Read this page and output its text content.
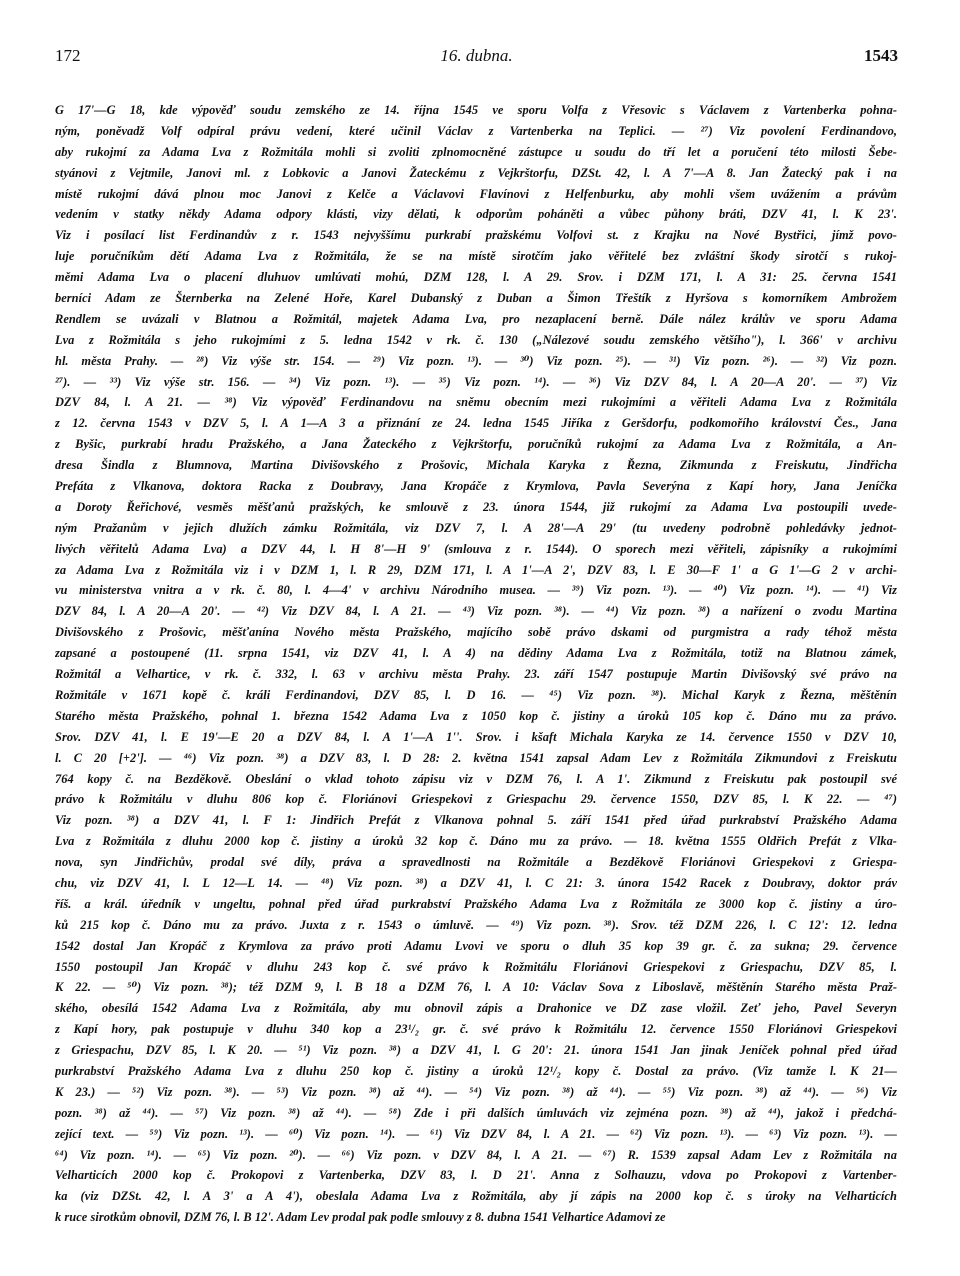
172	16. dubna.	1543
G 17'—G 18, kde výpověď soudu zemského ze 14. října 1545 ve sporu Volfa z Vřesovic s Václavem z Vartenberka pohna-
ným, poněvadž Volf odpíral právu vedení, které učinil Václav z Vartenberka na Teplici. — ²⁷) Viz povolení Ferdinandovo,
aby rukojmí za Adama Lva z Rožmitála mohli si zvoliti zplnomocněné zástupce u soudu do tří let a poručení této milosti Šebe-
styánovi z Vejtmile, Janovi ml. z Lobkovic a Janovi Žateckému z Vejkrštorfu, DZSt. 42, l. A 7'—A 8. Jan Žatecký pak i na
místě rukojmí dává plnou moc Janovi z Kelče a Václavovi Flavínovi z Helfenburku, aby mohli všem uvážením a právům
vedením v statky někdy Adama odpory klásti, vizy dělati, k odporům poháněti a vůbec půhony bráti, DZV 41, l. K 23'.
Viz i posílací list Ferdinandův z r. 1543 nejvyššímu purkrabí pražskému Volfovi st. z Krajku na Nové Bystřici, jímž povo-
luje poručníkům dětí Adama Lva z Rožmitála, že se na místě sirotčím jako věřitelé bez zvláštní škody sirotčí s rukoj-
měmi Adama Lva o placení dluhuov umlúvati mohú, DZM 128, l. A 29. Srov. i DZM 171, l. A 31: 25. června 1541
berníci Adam ze Šternberka na Zelené Hoře, Karel Dubanský z Duban a Šimon Třeštík z Hyršova s komorníkem Ambrožem
Rendlem se uvázali v Blatnou a Rožmitál, majetek Adama Lva, pro nezaplacení berně. Dále nález králův ve sporu Adama
Lva z Rožmitála s jeho rukojmími z 5. ledna 1542 v rk. č. 130 („Nálezové soudu zemského většího"), l. 366' v archivu
hl. města Prahy. — ²⁸) Viz výše str. 154. — ²⁹) Viz pozn. ¹³). — ³⁰) Viz pozn. ²⁵). — ³¹) Viz pozn. ²⁶). — ³²) Viz pozn.
²⁷). — ³³) Viz výše str. 156. — ³⁴) Viz pozn. ¹³). — ³⁵) Viz pozn. ¹⁴). — ³⁶) Viz DZV 84, l. A 20—A 20'. — ³⁷) Viz
DZV 84, l. A 21. — ³⁸) Viz výpověď Ferdinandovu na sněmu obecním mezi rukojmími a věřiteli Adama Lva z Rožmitála
z 12. června 1543 v DZV 5, l. A 1—A 3 a přiznání ze 24. ledna 1545 Jiříka z Geršdorfu, podkomořího království Čes., Jana
z Byšic, purkrabí hradu Pražského, a Jana Žateckého z Vejkrštorfu, poručníků rukojmí za Adama Lva z Rožmitála, a An-
dresa Šindla z Blumnova, Martina Divišovského z Prošovic, Michala Karyka z Řezna, Zikmunda z Freiskutu, Jindřicha
Prefáta z Vlkanova, doktora Racka z Doubravy, Jana Kropáče z Krymlova, Pavla Severýna z Kapí hory, Jana Jeníčka
a Doroty Řeřichové, vesměs měšťanů pražských, ke smlouvě z 23. února 1544, již rukojmí za Adama Lva postoupili uvede-
ným Pražanům v jejich dlužích zámku Rožmitála, viz DZV 7, l. A 28'—A 29' (tu uvedeny podrobně pohledávky jednot-
livých věřitelů Adama Lva) a DZV 44, l. H 8'—H 9' (smlouva z r. 1544). O sporech mezi věřiteli, zápisníky a rukojmími
za Adama Lva z Rožmitála viz i v DZM 1, l. R 29, DZM 171, l. A 1'—A 2', DZV 83, l. E 30—F 1' a G 1'—G 2 v archi-
vu ministerstva vnitra a v rk. č. 80, l. 4—4' v archivu Národního musea. — ³⁹) Viz pozn. ¹³). — ⁴⁰) Viz pozn. ¹⁴). — ⁴¹) Viz
DZV 84, l. A 20—A 20'. — ⁴²) Viz DZV 84, l. A 21. — ⁴³) Viz pozn. ³⁸). — ⁴⁴) Viz pozn. ³⁸) a nařízení o zvodu Martina
Divišovského z Prošovic, měšťanína Nového města Pražského, majícího sobě právo dskami od purgmistra a rady téhož města
zapsané a postoupené (11. srpna 1541, viz DZV 41, l. A 4) na dědiny Adama Lva z Rožmitála, totiž na Blatnou zámek,
Rožmitál a Velhartice, v rk. č. 332, l. 63 v archivu města Prahy. 23. září 1547 postupuje Martin Divišovský své právo na
Rožmitále v 1671 kopě č. králi Ferdinandovi, DZV 85, l. D 16. — ⁴⁵) Viz pozn. ³⁸). Michal Karyk z Řezna, měštěnín
Starého města Pražského, pohnal 1. března 1542 Adama Lva z 1050 kop č. jistiny a úroků 105 kop č. Dáno mu za právo.
Srov. DZV 41, l. E 19'—E 20 a DZV 84, l. A 1'—A 1''. Srov. i kšaft Michala Karyka ze 14. července 1550 v DZV 10,
l. C 20 [+2']. — ⁴⁶) Viz pozn. ³⁸) a DZV 83, l. D 28: 2. května 1541 zapsal Adam Lev z Rožmitála Zikmundovi z Freiskutu
764 kopy č. na Bezděkově. Obeslání o vklad tohoto zápisu viz v DZM 76, l. A 1'. Zikmund z Freiskutu pak postoupil své
právo k Rožmitálu v dluhu 806 kop č. Floriánovi Griespekovi z Griespachu 29. července 1550, DZV 85, l. K 22. — ⁴⁷)
Viz pozn. ³⁸) a DZV 41, l. F 1: Jindřich Prefát z Vlkanova pohnal 5. září 1541 před úřad purkrabství Pražského Adama
Lva z Rožmitála z dluhu 2000 kop č. jistiny a úroků 32 kop č. Dáno mu za právo. — 18. května 1555 Oldřich Prefát z Vlka-
nova, syn Jindřichův, prodal své díly, práva a spravedlnosti na Rožmitále a Bezděkově Floriánovi Griespekovi z Griespa-
chu, viz DZV 41, l. L 12—L 14. — ⁴⁸) Viz pozn. ³⁸) a DZV 41, l. C 21: 3. února 1542 Racek z Doubravy, doktor práv
říš. a král. úředník v ungeltu, pohnal před úřad purkrabství Pražského Adama Lva z Rožmitála ze 3000 kop č. jistiny a úro-
ků 215 kop č. Dáno mu za právo. Juxta z r. 1543 o úmluvě. — ⁴⁹) Viz pozn. ³⁸). Srov. též DZM 226, l. C 12': 12. ledna
1542 dostal Jan Kropáč z Krymlova za právo proti Adamu Lvovi ve sporu o dluh 35 kop 39 gr. č. za sukna; 29. července
1550 postoupil Jan Kropáč v dluhu 243 kop č. své právo k Rožmitálu Floriánovi Griespekovi z Griespachu, DZV 85, l.
K 22. — ⁵⁰) Viz pozn. ³⁸); též DZM 9, l. B 18 a DZM 76, l. A 10: Václav Sova z Liboslavě, měštěnín Starého města Praž-
ského, obesílá 1542 Adama Lva z Rožmitála, aby mu obnovil zápis a Drahonice ve DZ zase vložil. Zeť jeho, Pavel Severyn
z Kapí hory, pak postupuje v dluhu 340 kop a 23¹/₂ gr. č. své právo k Rožmitálu 12. července 1550 Floriánovi Griespekovi
z Griespachu, DZV 85, l. K 20. — ⁵¹) Viz pozn. ³⁸) a DZV 41, l. G 20': 21. února 1541 Jan jinak Jeníček pohnal před úřad
purkrabství Pražského Adama Lva z dluhu 250 kop č. jistiny a úroků 12¹/₂ kopy č. Dostal za právo. (Viz tamže l. K 21—
K 23.) — ⁵²) Viz pozn. ³⁸). — ⁵³) Viz pozn. ³⁸) až ⁴⁴). — ⁵⁴) Viz pozn. ³⁸) až ⁴⁴). — ⁵⁵) Viz pozn. ³⁸) až ⁴⁴). — ⁵⁶) Viz
pozn. ³⁸) až ⁴⁴). — ⁵⁷) Viz pozn. ³⁸) až ⁴⁴). — ⁵⁸) Zde i při dalších úmluvách viz zejména pozn. ³⁸) až ⁴⁴), jakož i předchá-
zející text. — ⁵⁹) Viz pozn. ¹³). — ⁶⁰) Viz pozn. ¹⁴). — ⁶¹) Viz DZV 84, l. A 21. — ⁶²) Viz pozn. ¹³). — ⁶³) Viz pozn. ¹³). —
⁶⁴) Viz pozn. ¹⁴). — ⁶⁵) Viz pozn. ²⁰). — ⁶⁶) Viz pozn. v DZV 84, l. A 21. — ⁶⁷) R. 1539 zapsal Adam Lev z Rožmitála na
Velharticích 2000 kop č. Prokopovi z Vartenberka, DZV 83, l. D 21'. Anna z Solhauzu, vdova po Prokopovi z Vartenber-
ka (viz DZSt. 42, l. A 3' a A 4'), obeslala Adama Lva z Rožmitála, aby jí zápis na 2000 kop č. s úroky na Velharticích
k ruce sirotkům obnovil, DZM 76, l. B 12'. Adam Lev prodal pak podle smlouvy z 8. dubna 1541 Velhartice Adamovi ze
